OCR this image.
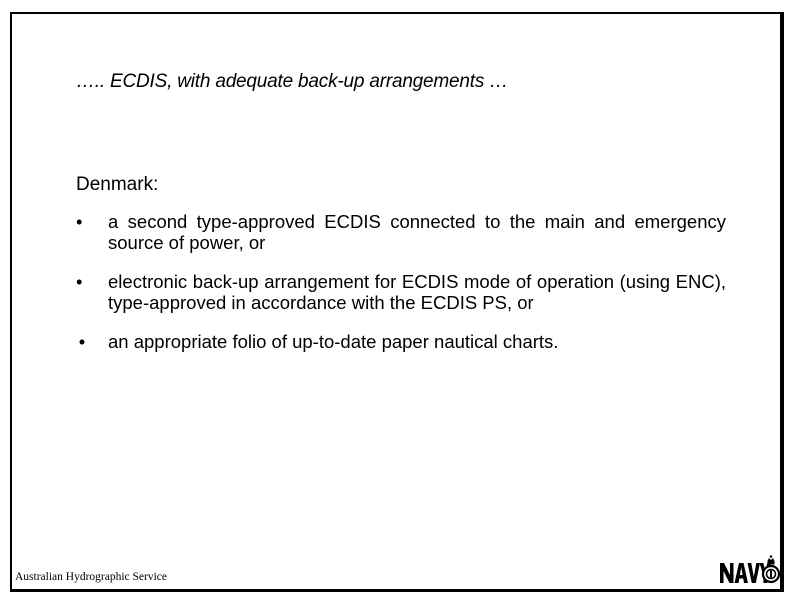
….. ECDIS, with adequate back-up arrangements …
Denmark:
• a second type-approved ECDIS connected to the main and emergency source of power, or
• electronic back-up arrangement for ECDIS mode of operation (using ENC), type-approved in accordance with the ECDIS PS, or
• an appropriate folio of up-to-date paper nautical charts.
Australian Hydrographic Service
